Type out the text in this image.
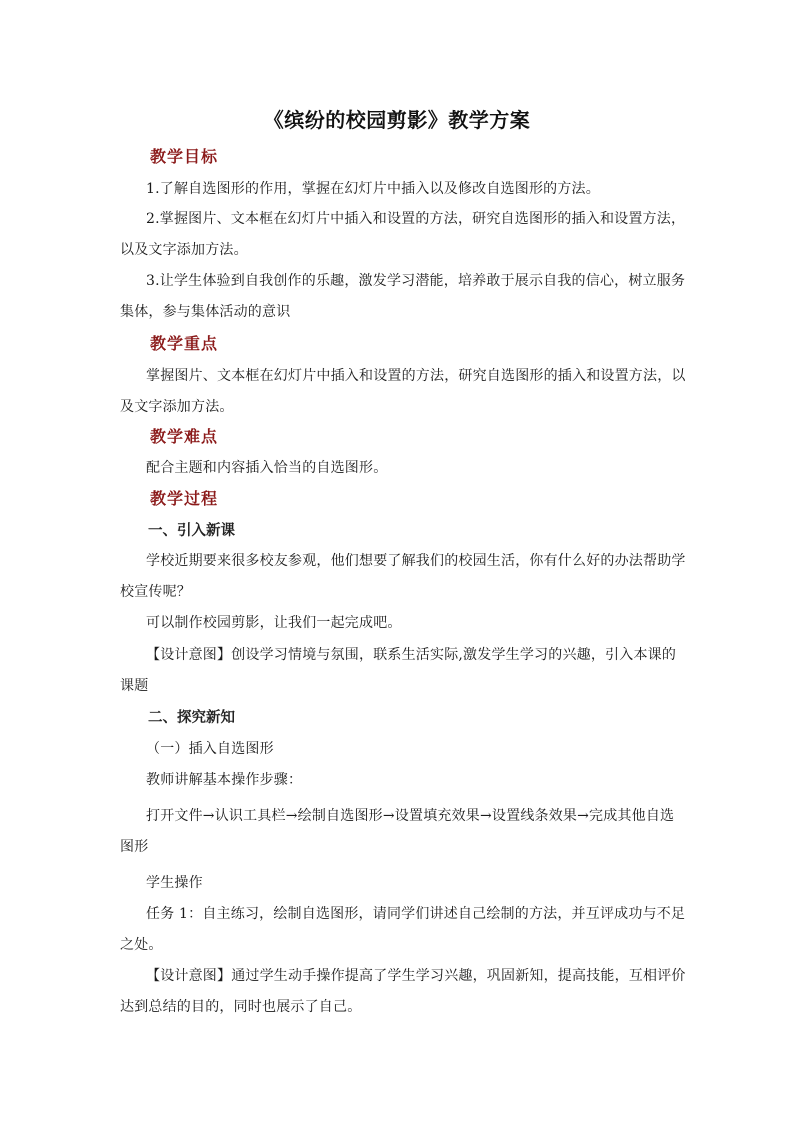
《缤纷的校园剪影》教学方案
教学目标
1.了解自选图形的作用，掌握在幻灯片中插入以及修改自选图形的方法。
2.掌握图片、文本框在幻灯片中插入和设置的方法，研究自选图形的插入和设置方法，
以及文字添加方法。
3.让学生体验到自我创作的乐趣，激发学习潜能，培养敢于展示自我的信心，树立服务
集体，参与集体活动的意识
教学重点
掌握图片、文本框在幻灯片中插入和设置的方法，研究自选图形的插入和设置方法，以
及文字添加方法。
教学难点
配合主题和内容插入恰当的自选图形。
教学过程
一、引入新课
学校近期要来很多校友参观，他们想要了解我们的校园生活，你有什么好的办法帮助学
校宣传呢？
可以制作校园剪影，让我们一起完成吧。
【设计意图】创设学习情境与氛围，联系生活实际,激发学生学习的兴趣，引入本课的
课题
二、探究新知
（一）插入自选图形
教师讲解基本操作步骤：
打开文件→认识工具栏→绘制自选图形→设置填充效果→设置线条效果→完成其他自选
图形
学生操作
任务 1：自主练习，绘制自选图形，请同学们讲述自己绘制的方法，并互评成功与不足
之处。
【设计意图】通过学生动手操作提高了学生学习兴趣，巩固新知，提高技能，互相评价
达到总结的目的，同时也展示了自己。
